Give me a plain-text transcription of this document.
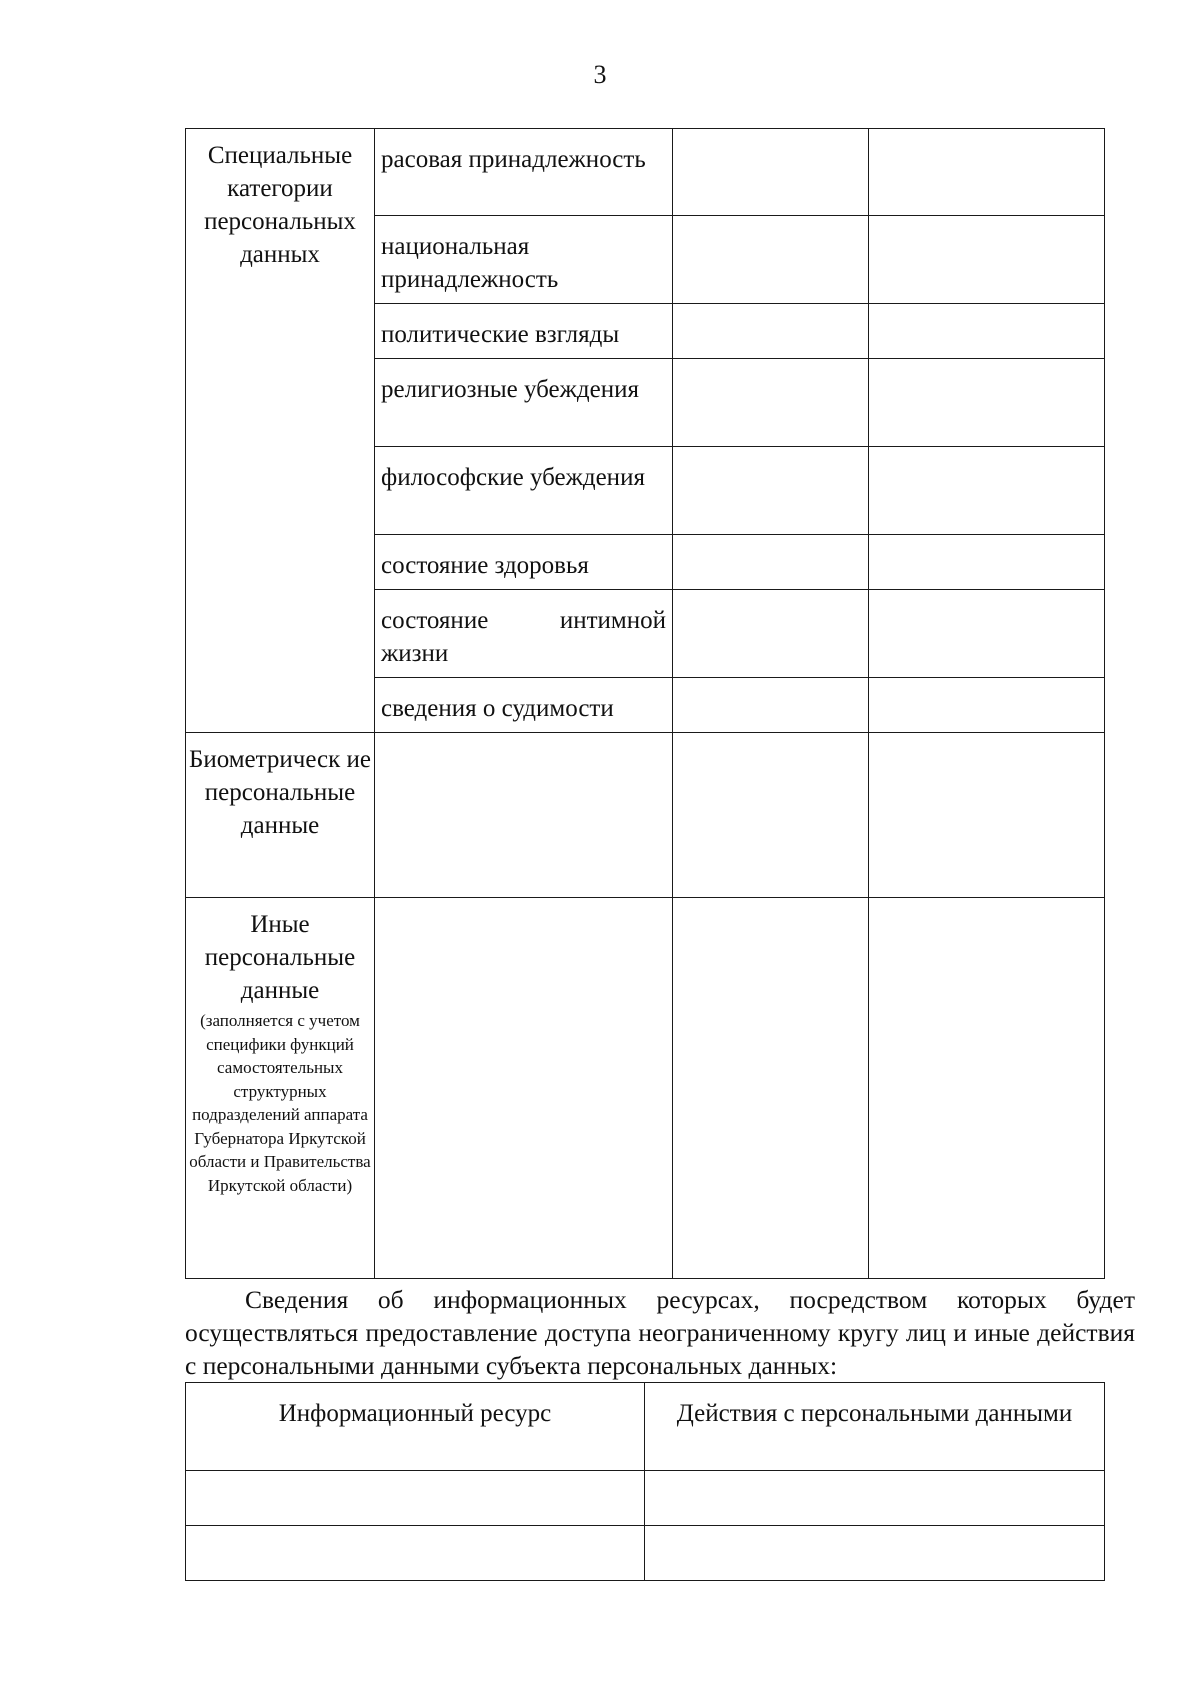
3
Специальные категории персональных данных	расовая принадлежность		

	национальная принадлежность		

	политические взгляды		

	религиозные убеждения		

	философские убеждения		

	состояние здоровья		

	состояние интимной жизни		

	сведения о судимости		

Биометрическ ие персональные данные			

Иные персональные данные
(заполняется с учетом специфики функций самостоятельных структурных подразделений аппарата Губернатора Иркутской области и Правительства Иркутской области)			

Сведения об информационных ресурсах, посредством которых будет осуществляться предоставление доступа неограниченному кругу лиц и иные действия с персональными данными субъекта персональных данных:

Информационный ресурс	Действия с персональными данными
